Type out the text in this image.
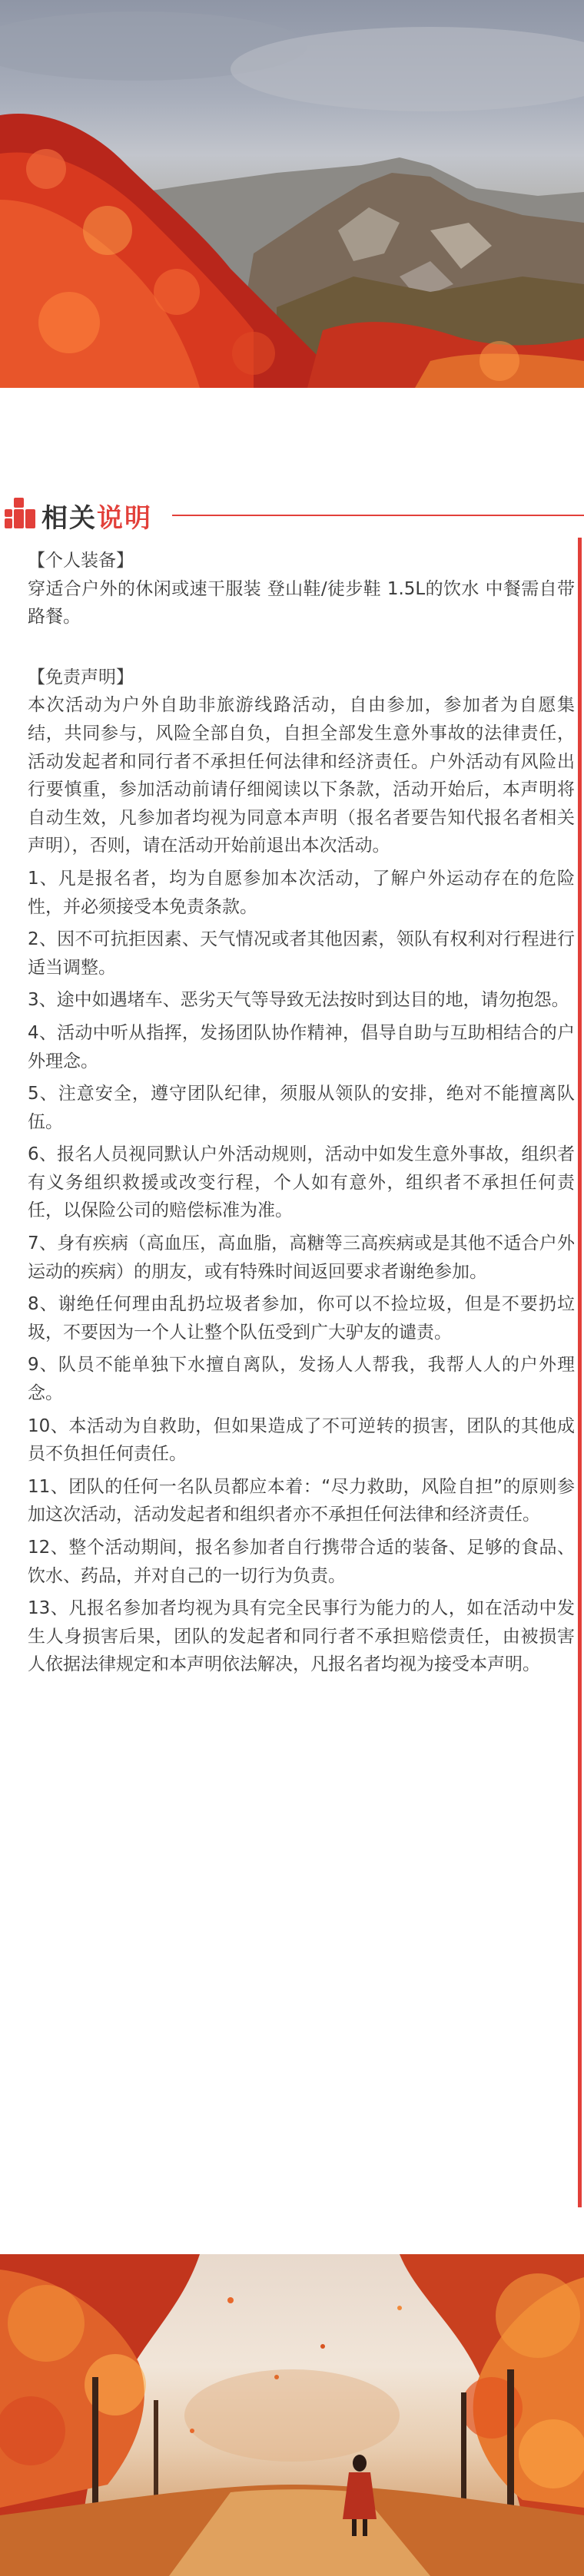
相关说明

【个人装备】

穿适合户外的休闲或速干服装 登山鞋/徒步鞋 1.5L的饮水 中餐需自带路餐。

【免责声明】

本次活动为户外自助非旅游线路活动，自由参加，参加者为自愿集结，共同参与，风险全部自负，自担全部发生意外事故的法律责任，活动发起者和同行者不承担任何法律和经济责任。户外活动有风险出行要慎重，参加活动前请仔细阅读以下条款，活动开始后，本声明将自动生效，凡参加者均视为同意本声明（报名者要告知代报名者相关声明），否则，请在活动开始前退出本次活动。

1、凡是报名者，均为自愿参加本次活动，了解户外运动存在的危险性，并必须接受本免责条款。

2、因不可抗拒因素、天气情况或者其他因素，领队有权利对行程进行适当调整。

3、途中如遇堵车、恶劣天气等导致无法按时到达目的地，请勿抱怨。

4、活动中听从指挥，发扬团队协作精神，倡导自助与互助相结合的户外理念。

5、注意安全，遵守团队纪律，须服从领队的安排，绝对不能擅离队伍。

6、报名人员视同默认户外活动规则，活动中如发生意外事故，组织者有义务组织救援或改变行程，个人如有意外，组织者不承担任何责任，以保险公司的赔偿标准为准。

7、身有疾病（高血压，高血脂，高糖等三高疾病或是其他不适合户外运动的疾病）的朋友，或有特殊时间返回要求者谢绝参加。

8、谢绝任何理由乱扔垃圾者参加，你可以不捡垃圾，但是不要扔垃圾，不要因为一个人让整个队伍受到广大驴友的谴责。

9、队员不能单独下水擅自离队，发扬人人帮我，我帮人人的户外理念。

10、本活动为自救助，但如果造成了不可逆转的损害，团队的其他成员不负担任何责任。

11、团队的任何一名队员都应本着：“尽力救助，风险自担”的原则参加这次活动，活动发起者和组织者亦不承担任何法律和经济责任。

12、整个活动期间，报名参加者自行携带合适的装备、足够的食品、饮水、药品，并对自己的一切行为负责。

13、凡报名参加者均视为具有完全民事行为能力的人，如在活动中发生人身损害后果，团队的发起者和同行者不承担赔偿责任，由被损害人依据法律规定和本声明依法解决，凡报名者均视为接受本声明。
